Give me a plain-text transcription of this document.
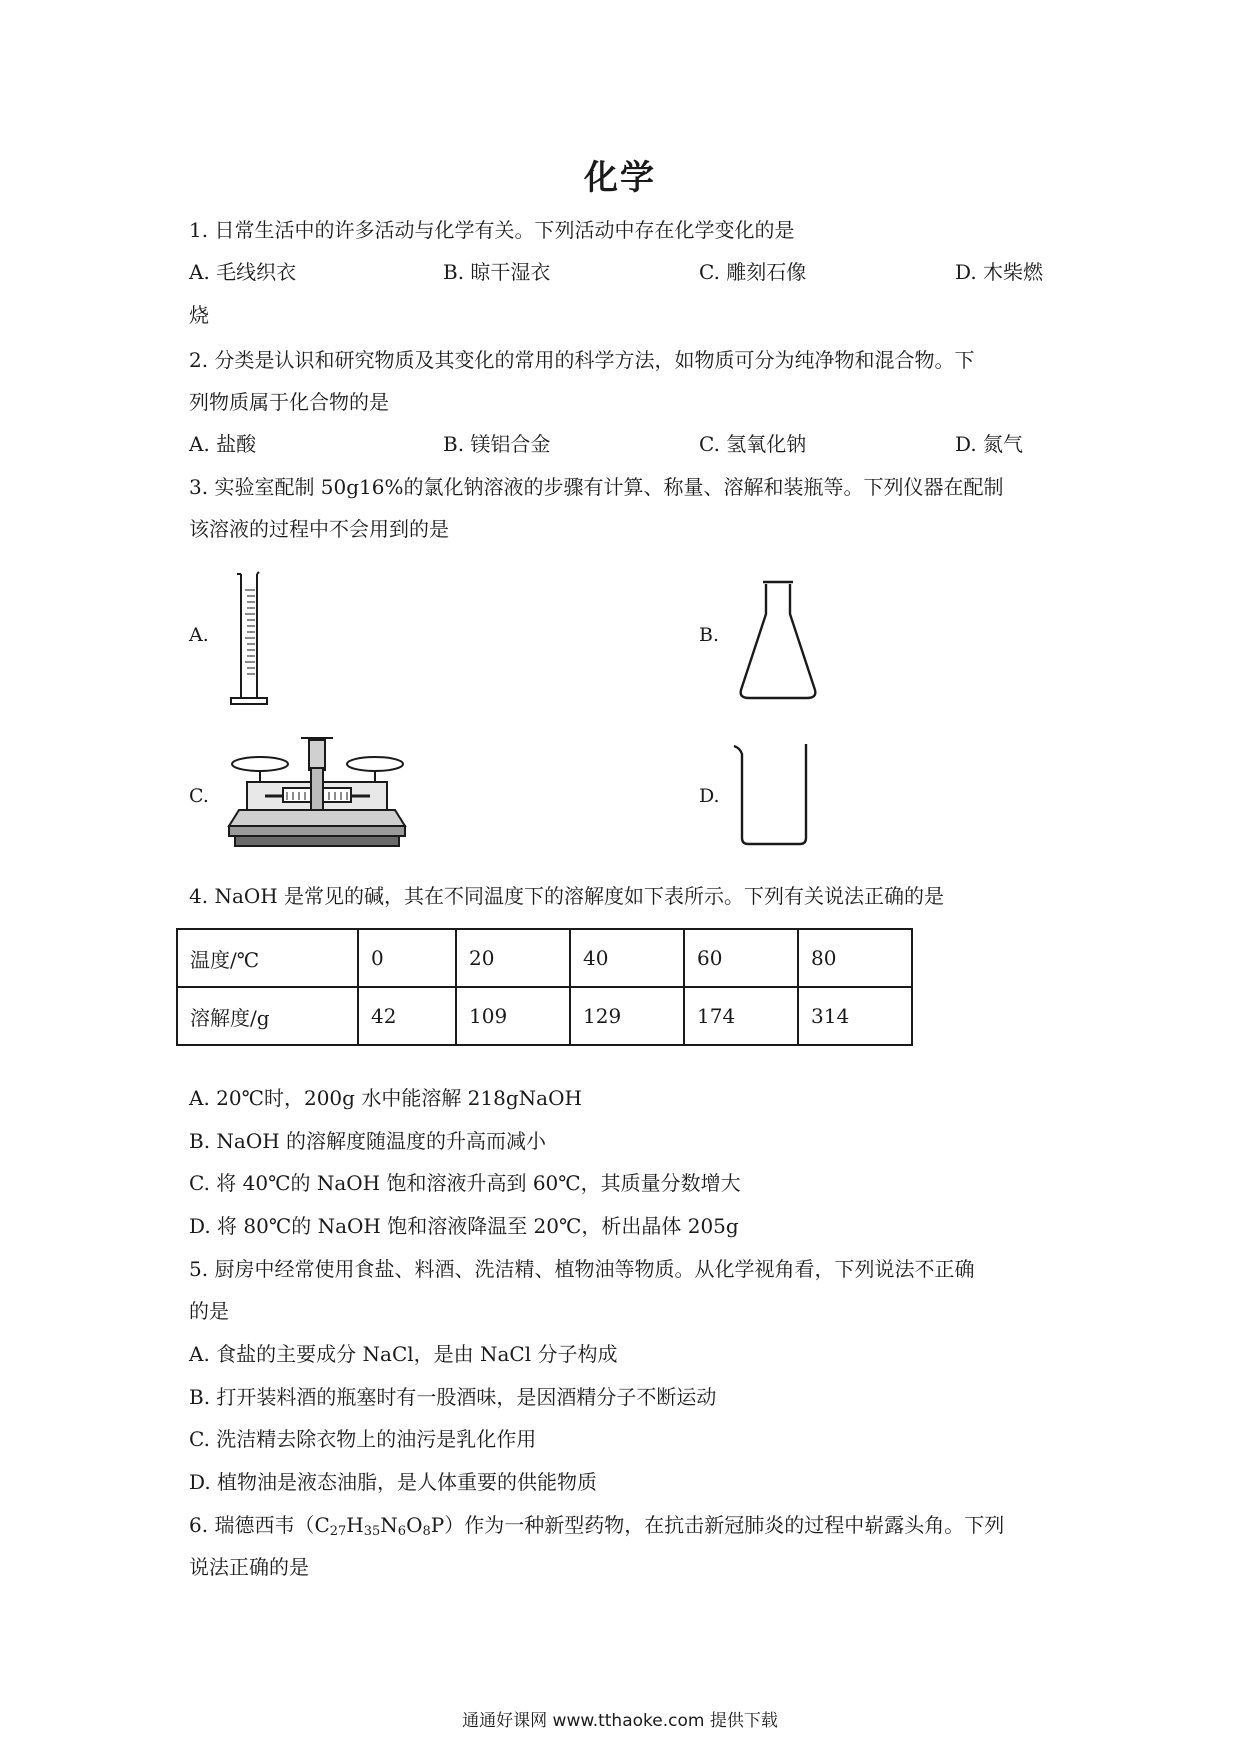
化学
1. 日常生活中的许多活动与化学有关。下列活动中存在化学变化的是
A. 毛线织衣	B. 晾干湿衣	C. 雕刻石像	D. 木柴燃
烧
2. 分类是认识和研究物质及其变化的常用的科学方法，如物质可分为纯净物和混合物。下
列物质属于化合物的是
A. 盐酸	B. 镁铝合金	C. 氢氧化钠	D. 氮气
3. 实验室配制 50g16%的氯化钠溶液的步骤有计算、称量、溶解和装瓶等。下列仪器在配制
该溶液的过程中不会用到的是
A.	B.
C.	D.
4. NaOH 是常见的碱，其在不同温度下的溶解度如下表所示。下列有关说法正确的是
温度/℃	0	20	40	60	80
溶解度/g	42	109	129	174	314
A. 20℃时，200g 水中能溶解 218gNaOH
B. NaOH 的溶解度随温度的升高而减小
C. 将 40℃的 NaOH 饱和溶液升高到 60℃，其质量分数增大
D. 将 80℃的 NaOH 饱和溶液降温至 20℃，析出晶体 205g
5. 厨房中经常使用食盐、料酒、洗洁精、植物油等物质。从化学视角看，下列说法不正确
的是
A. 食盐的主要成分 NaCl，是由 NaCl 分子构成
B. 打开装料酒的瓶塞时有一股酒味，是因酒精分子不断运动
C. 洗洁精去除衣物上的油污是乳化作用
D. 植物油是液态油脂，是人体重要的供能物质
6. 瑞德西韦$(C_{27}H_{35}N_6O_8P)$作为一种新型药物，在抗击新冠肺炎的过程中崭露头角。下列
说法正确的是
通通好课网 www.tthaoke.com 提供下载
